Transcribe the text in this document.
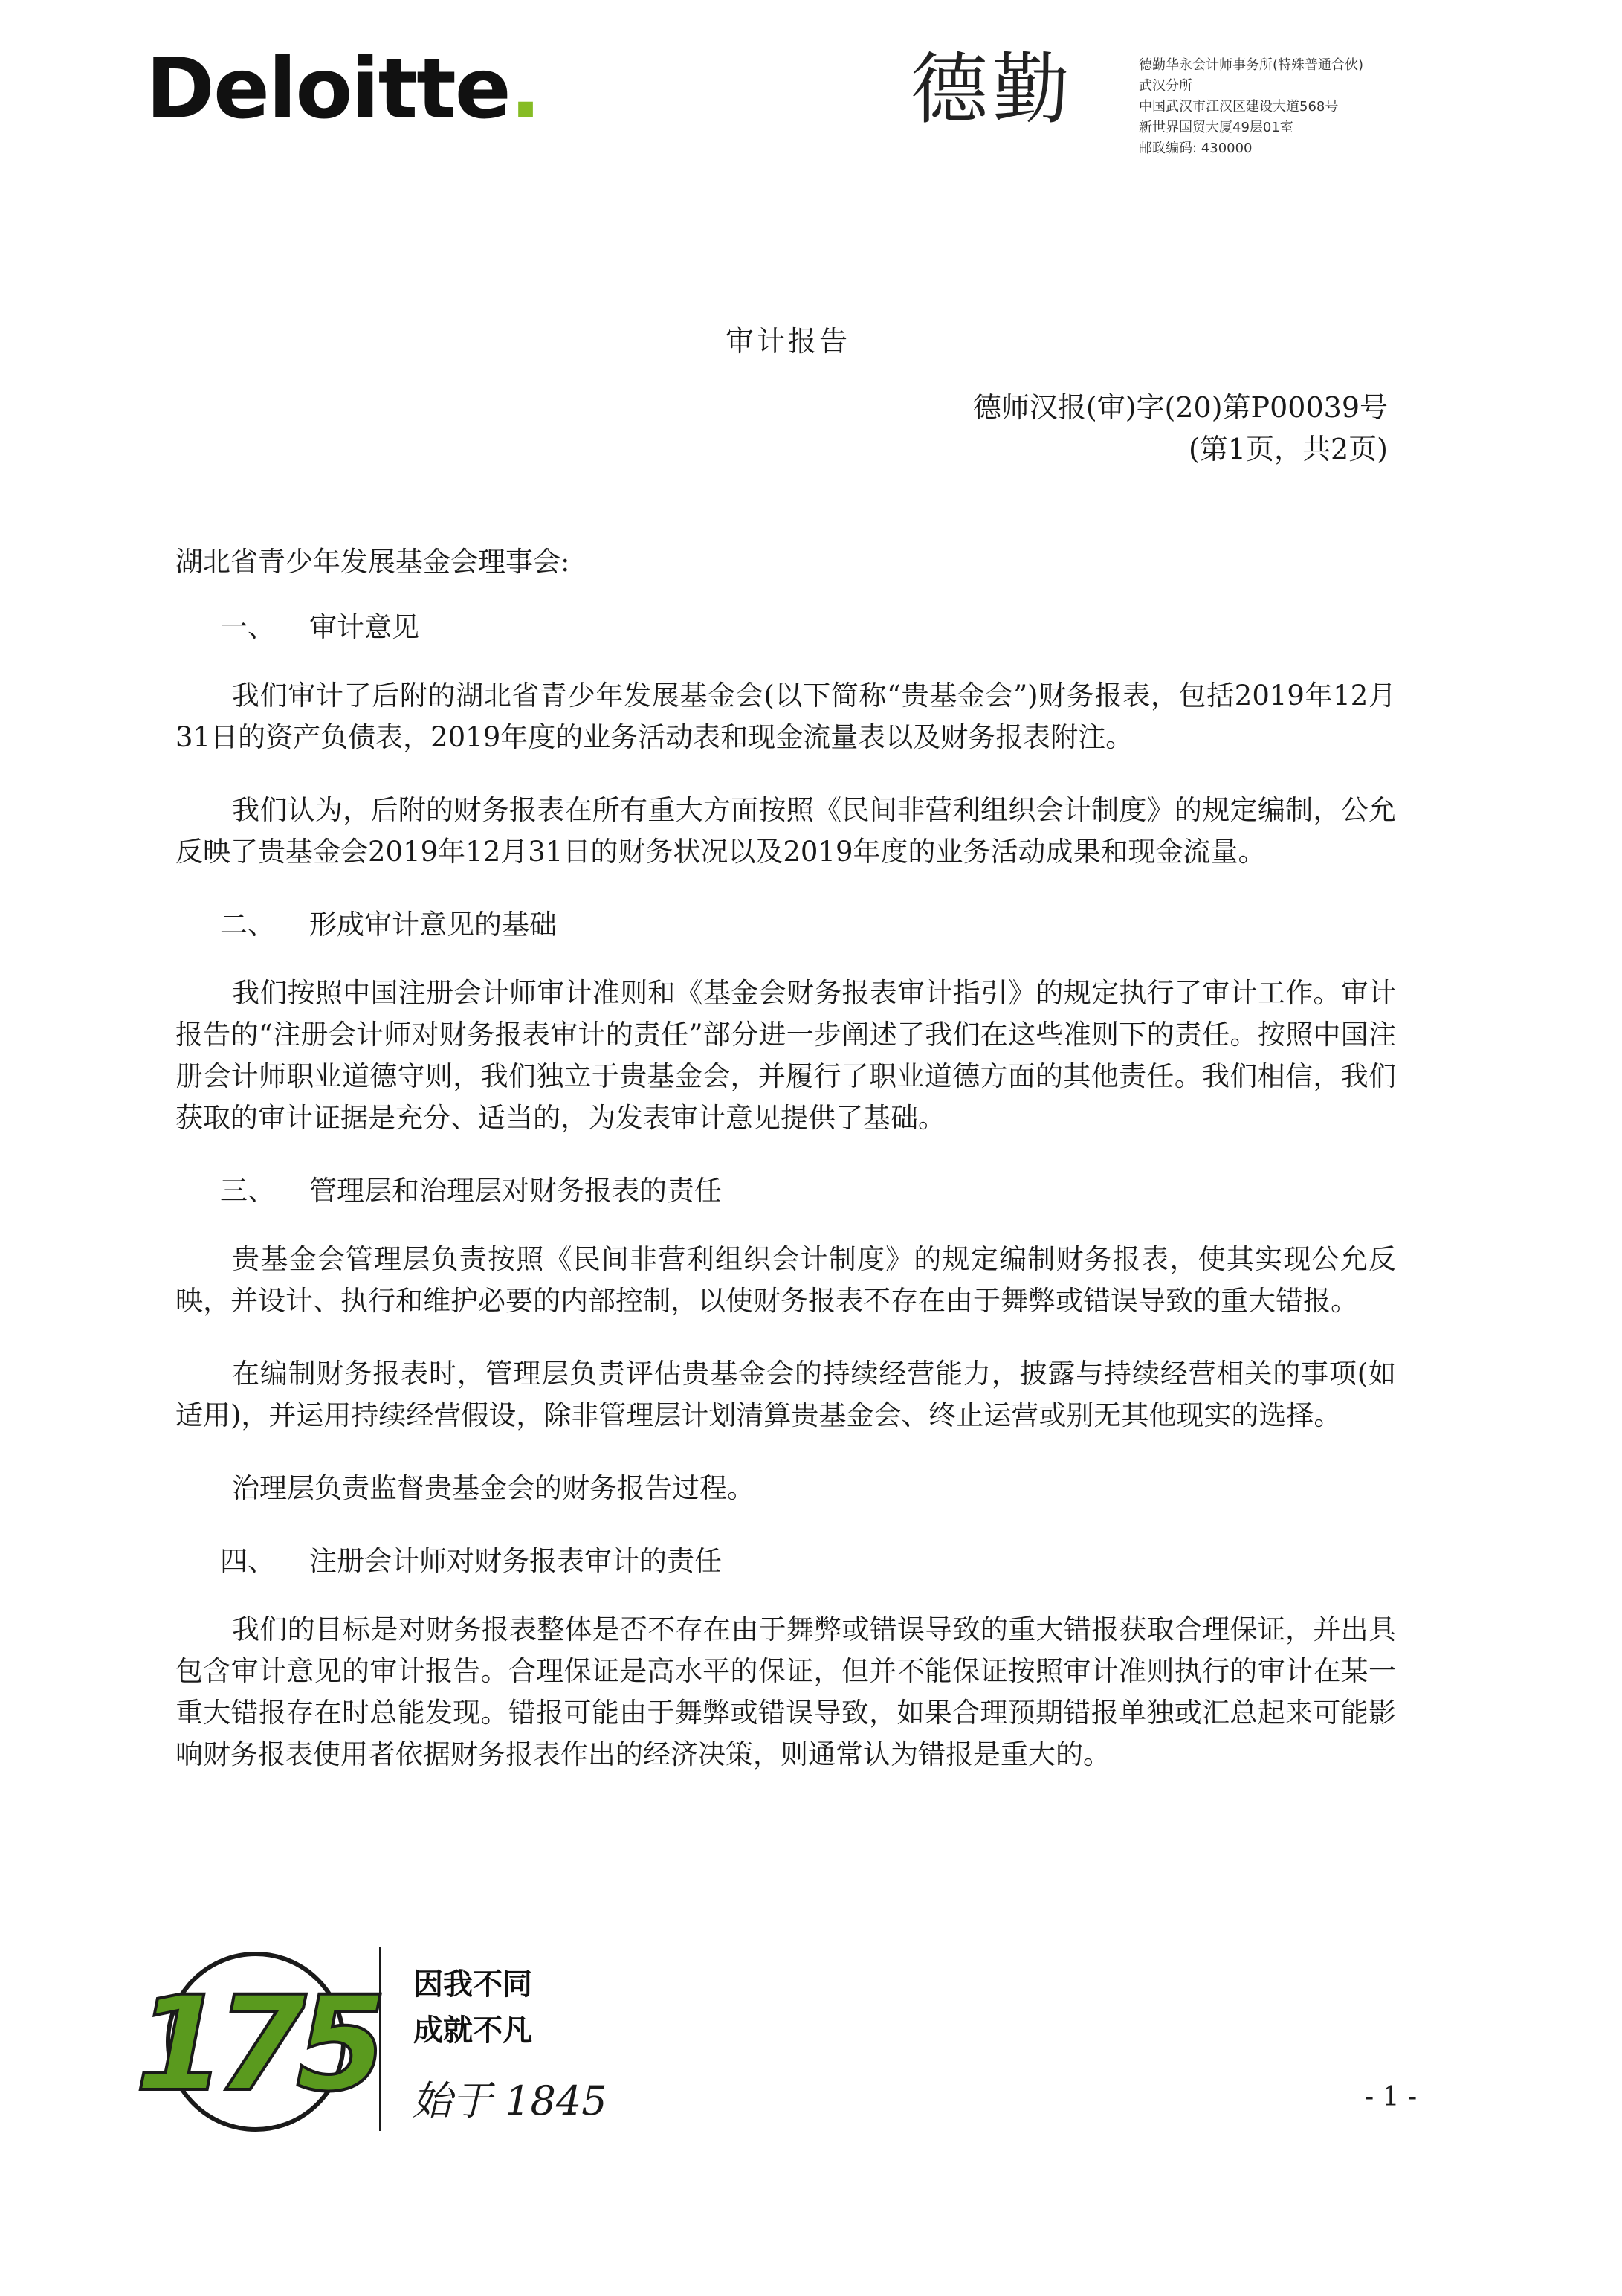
Deloitte.	德勤	德勤华永会计师事务所(特殊普通合伙)
武汉分所
中国武汉市江汉区建设大道568号
新世界国贸大厦49层01室
邮政编码: 430000
审计报告
德师汉报(审)字(20)第P00039号
(第1页，共2页)

湖北省青少年发展基金会理事会:

一、 审计意见

我们审计了后附的湖北省青少年发展基金会(以下简称“贵基金会”)财务报表，包括2019年12月31日的资产负债表，2019年度的业务活动表和现金流量表以及财务报表附注。

我们认为，后附的财务报表在所有重大方面按照《民间非营利组织会计制度》的规定编制，公允反映了贵基金会2019年12月31日的财务状况以及2019年度的业务活动成果和现金流量。

二、 形成审计意见的基础

我们按照中国注册会计师审计准则和《基金会财务报表审计指引》的规定执行了审计工作。审计报告的“注册会计师对财务报表审计的责任”部分进一步阐述了我们在这些准则下的责任。按照中国注册会计师职业道德守则，我们独立于贵基金会，并履行了职业道德方面的其他责任。我们相信，我们获取的审计证据是充分、适当的，为发表审计意见提供了基础。

三、 管理层和治理层对财务报表的责任

贵基金会管理层负责按照《民间非营利组织会计制度》的规定编制财务报表，使其实现公允反映，并设计、执行和维护必要的内部控制，以使财务报表不存在由于舞弊或错误导致的重大错报。

在编制财务报表时，管理层负责评估贵基金会的持续经营能力，披露与持续经营相关的事项(如适用)，并运用持续经营假设，除非管理层计划清算贵基金会、终止运营或别无其他现实的选择。

治理层负责监督贵基金会的财务报告过程。

四、 注册会计师对财务报表审计的责任

我们的目标是对财务报表整体是否不存在由于舞弊或错误导致的重大错报获取合理保证，并出具包含审计意见的审计报告。合理保证是高水平的保证，但并不能保证按照审计准则执行的审计在某一重大错报存在时总能发现。错报可能由于舞弊或错误导致，如果合理预期错报单独或汇总起来可能影响财务报表使用者依据财务报表作出的经济决策，则通常认为错报是重大的。

175 因我不同
成就不凡
始于 1845	- 1 -
